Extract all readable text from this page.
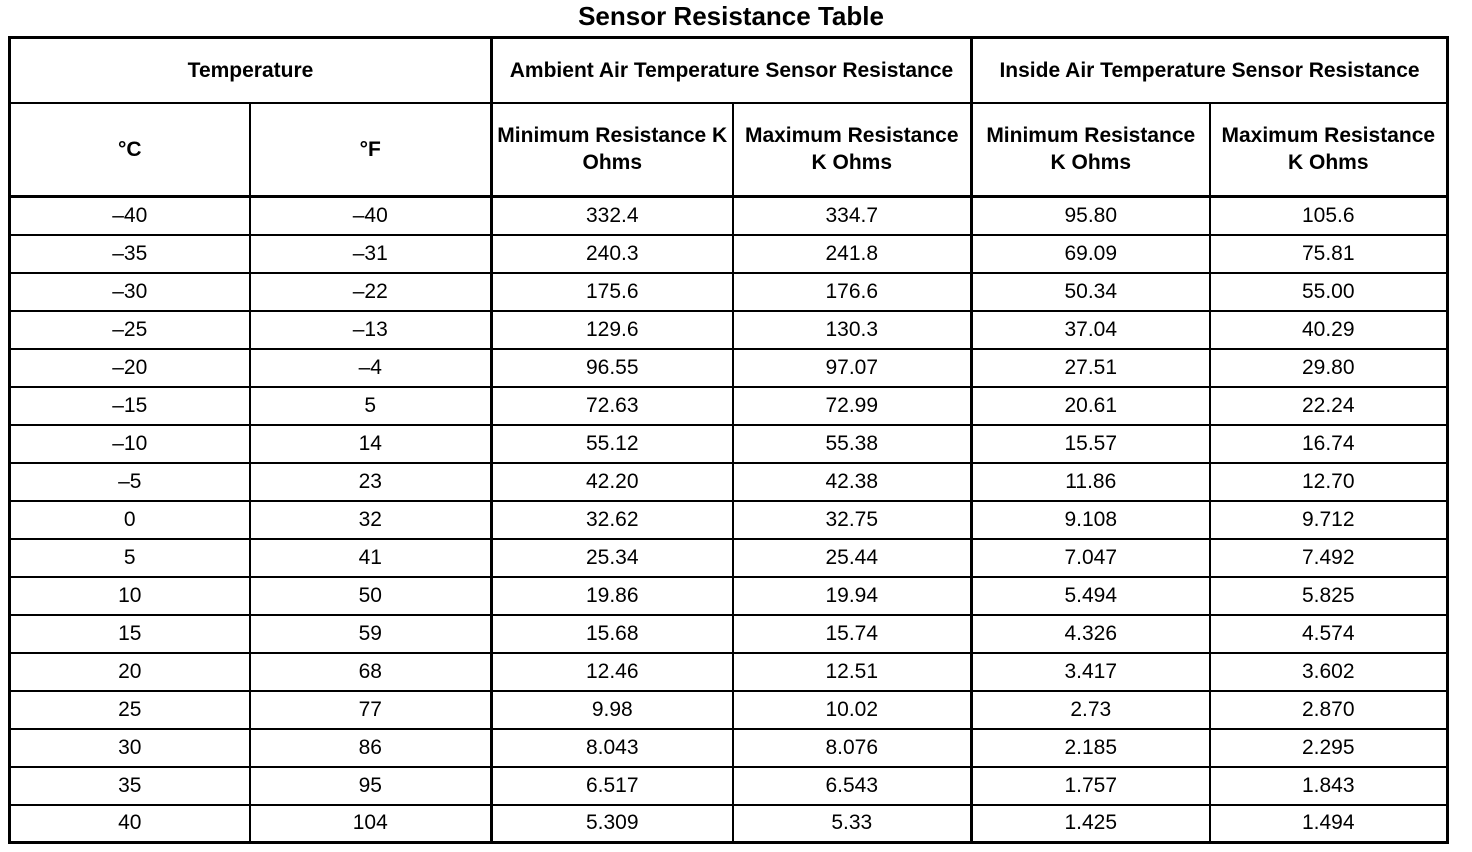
Sensor Resistance Table
Temperature		Ambient Air Temperature Sensor Resistance		Inside Air Temperature Sensor Resistance	
°C	°F	Minimum Resistance K Ohms	Maximum Resistance K Ohms	Minimum Resistance K Ohms	Maximum Resistance K Ohms
–40	–40	332.4	334.7	95.80	105.6
–35	–31	240.3	241.8	69.09	75.81
–30	–22	175.6	176.6	50.34	55.00
–25	–13	129.6	130.3	37.04	40.29
–20	–4	96.55	97.07	27.51	29.80
–15	5	72.63	72.99	20.61	22.24
–10	14	55.12	55.38	15.57	16.74
–5	23	42.20	42.38	11.86	12.70
0	32	32.62	32.75	9.108	9.712
5	41	25.34	25.44	7.047	7.492
10	50	19.86	19.94	5.494	5.825
15	59	15.68	15.74	4.326	4.574
20	68	12.46	12.51	3.417	3.602
25	77	9.98	10.02	2.73	2.870
30	86	8.043	8.076	2.185	2.295
35	95	6.517	6.543	1.757	1.843
40	104	5.309	5.33	1.425	1.494
